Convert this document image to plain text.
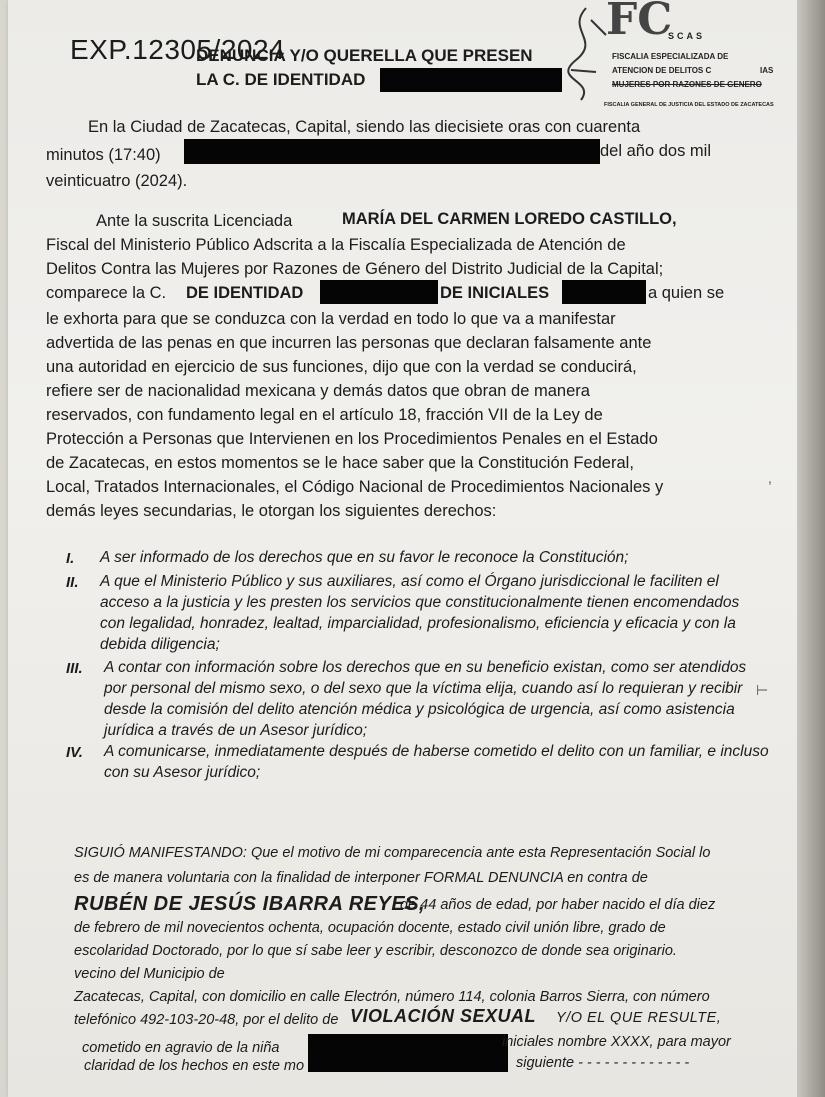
EXP.12305/2024
DENUNCIA Y/O QUERELLA QUE PRESEN
LA C. DE IDENTIDAD
FC
SCAS
FISCALIA ESPECIALIZADA DE
ATENCION DE DELITOS C	IAS
MUJERES POR RAZONES DE GENERO
FISCALIA GENERAL DE JUSTICIA DEL ESTADO DE ZACATECAS
En la Ciudad de Zacatecas, Capital, siendo las diecisiete oras con cuarenta
minutos (17:40)	del año dos mil
veinticuatro (2024).
Ante la suscrita Licenciada	MARÍA DEL CARMEN LOREDO CASTILLO,
Fiscal del Ministerio Público Adscrita a la Fiscalía Especializada de Atención de
Delitos Contra las Mujeres por Razones de Género del Distrito Judicial de la Capital;
comparece la C. DE IDENTIDAD	DE INICIALES	a quien se
le exhorta para que se conduzca con la verdad en todo lo que va a manifestar
advertida de las penas en que incurren las personas que declaran falsamente ante
una autoridad en ejercicio de sus funciones, dijo que con la verdad se conducirá,
refiere ser de nacionalidad mexicana y demás datos que obran de manera
reservados, con fundamento legal en el artículo 18, fracción VII de la Ley de
Protección a Personas que Intervienen en los Procedimientos Penales en el Estado
de Zacatecas, en estos momentos se le hace saber que la Constitución Federal,
Local, Tratados Internacionales, el Código Nacional de Procedimientos Nacionales y
demás leyes secundarias, le otorgan los siguientes derechos:
I. A ser informado de los derechos que en su favor le reconoce la Constitución;
II. A que el Ministerio Público y sus auxiliares, así como el Órgano jurisdiccional le faciliten el
acceso a la justicia y les presten los servicios que constitucionalmente tienen encomendados
con legalidad, honradez, lealtad, imparcialidad, profesionalismo, eficiencia y eficacia y con la
debida diligencia;
III. A contar con información sobre los derechos que en su beneficio existan, como ser atendidos
por personal del mismo sexo, o del sexo que la víctima elija, cuando así lo requieran y recibir
desde la comisión del delito atención médica y psicológica de urgencia, así como asistencia
jurídica a través de un Asesor jurídico;
IV. A comunicarse, inmediatamente después de haberse cometido el delito con un familiar, e incluso
con su Asesor jurídico;
SIGUIÓ MANIFESTANDO: Que el motivo de mi comparecencia ante esta Representación Social lo
es de manera voluntaria con la finalidad de interponer FORMAL DENUNCIA en contra de
RUBÉN DE JESÚS IBARRA REYES,
de 44 años de edad, por haber nacido el día diez
de febrero de mil novecientos ochenta, ocupación docente, estado civil unión libre, grado de
escolaridad Doctorado, por lo que sí sabe leer y escribir, desconozco de donde sea originario.
vecino del Municipio de
Zacatecas, Capital, con domicilio en calle Electrón, número 114, colonia Barros Sierra, con número
telefónico 492-103-20-48, por el delito de VIOLACIÓN SEXUAL Y/O EL QUE RESULTE,
cometido en agravio de la niña	iniciales nombre XXXX, para mayor
claridad de los hechos en este mo	siguiente - - - - - - - - - - - - -
,
⊢
